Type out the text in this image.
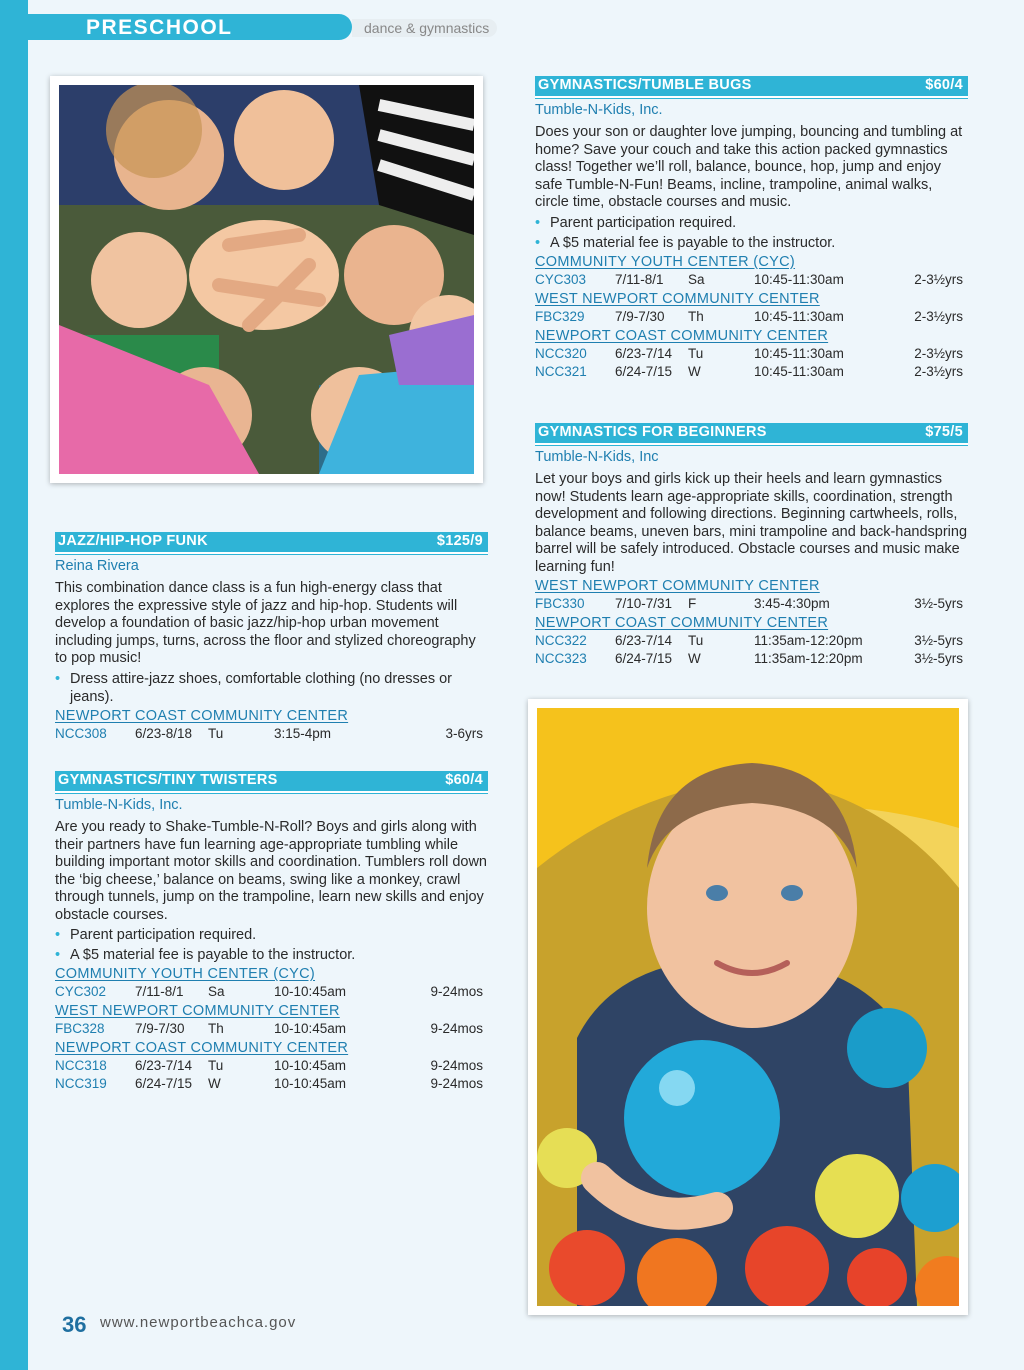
PRESCHOOL	dance & gymnastics
JAZZ/HIP-HOP FUNK	$125/9
Reina Rivera
This combination dance class is a fun high-energy class that explores the expressive style of jazz and hip-hop. Students will develop a foundation of basic jazz/hip-hop urban movement including jumps, turns, across the floor and stylized choreography to pop music!
• Dress attire-jazz shoes, comfortable clothing (no dresses or jeans).
NEWPORT COAST COMMUNITY CENTER
NCC308 6/23-8/18 Tu	3:15-4pm	3-6yrs
GYMNASTICS/TINY TWISTERS	$60/4
Tumble-N-Kids, Inc.
Are you ready to Shake-Tumble-N-Roll? Boys and girls along with their partners have fun learning age-appropriate tumbling while building important motor skills and coordination. Tumblers roll down the ‘big cheese,’ balance on beams, swing like a monkey, crawl through tunnels, jump on the trampoline, learn new skills and enjoy obstacle courses.
• Parent participation required.
• A $5 material fee is payable to the instructor.
COMMUNITY YOUTH CENTER (CYC)
CYC302 7/11-8/1 Sa	10-10:45am	9-24mos
WEST NEWPORT COMMUNITY CENTER
FBC328 7/9-7/30 Th	10-10:45am	9-24mos
NEWPORT COAST COMMUNITY CENTER
NCC318 6/23-7/14 Tu	10-10:45am	9-24mos
NCC319 6/24-7/15 W	10-10:45am	9-24mos
GYMNASTICS/TUMBLE BUGS	$60/4
Tumble-N-Kids, Inc.
Does your son or daughter love jumping, bouncing and tumbling at home? Save your couch and take this action packed gymnastics class! Together we’ll roll, balance, bounce, hop, jump and enjoy safe Tumble-N-Fun! Beams, incline, trampoline, animal walks, circle time, obstacle courses and music.
• Parent participation required.
• A $5 material fee is payable to the instructor.
COMMUNITY YOUTH CENTER (CYC)
CYC303 7/11-8/1 Sa	10:45-11:30am	2-3½yrs
WEST NEWPORT COMMUNITY CENTER
FBC329 7/9-7/30 Th	10:45-11:30am	2-3½yrs
NEWPORT COAST COMMUNITY CENTER
NCC320 6/23-7/14 Tu	10:45-11:30am	2-3½yrs
NCC321 6/24-7/15 W	10:45-11:30am	2-3½yrs
GYMNASTICS FOR BEGINNERS	$75/5
Tumble-N-Kids, Inc
Let your boys and girls kick up their heels and learn gymnastics now! Students learn age-appropriate skills, coordination, strength development and following directions. Beginning cartwheels, rolls, balance beams, uneven bars, mini trampoline and back-handspring barrel will be safely introduced. Obstacle courses and music make learning fun!
WEST NEWPORT COMMUNITY CENTER
FBC330 7/10-7/31 F	3:45-4:30pm	3½-5yrs
NEWPORT COAST COMMUNITY CENTER
NCC322 6/23-7/14 Tu	11:35am-12:20pm	3½-5yrs
NCC323 6/24-7/15 W	11:35am-12:20pm	3½-5yrs
36 www.newportbeachca.gov
